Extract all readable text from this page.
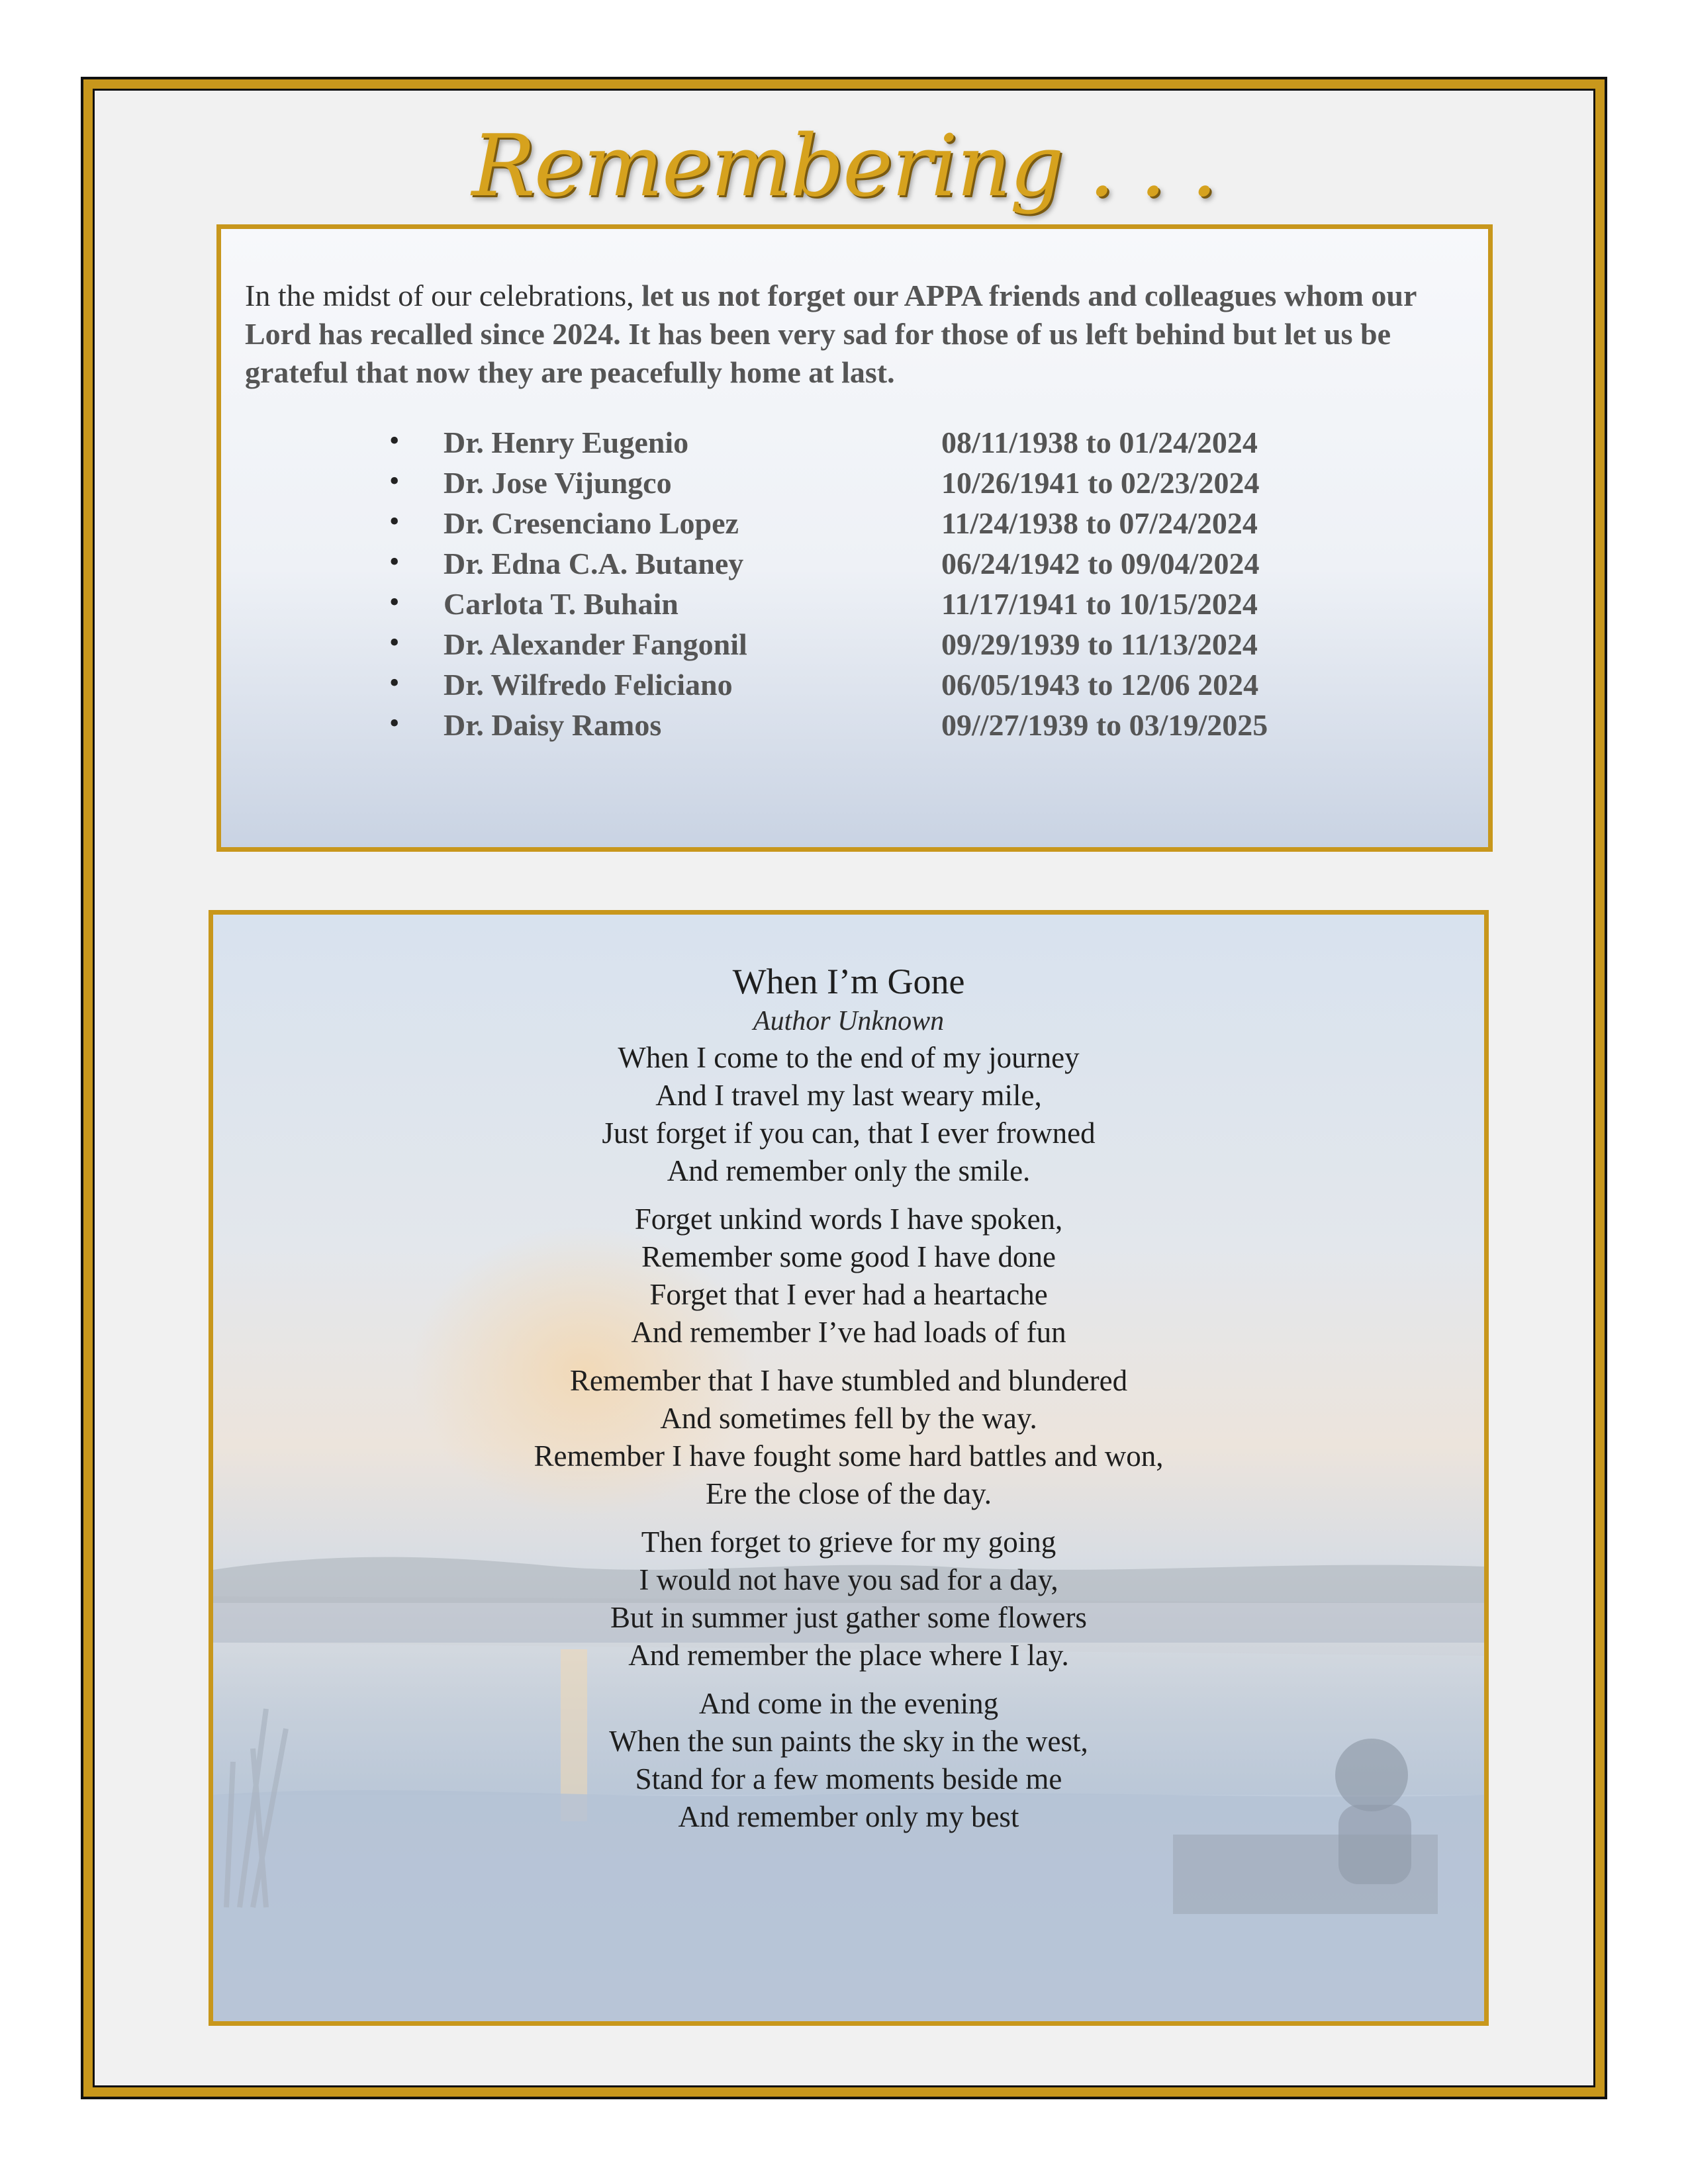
Remembering . . .

In the midst of our celebrations, let us not forget our APPA friends and colleagues whom our Lord has recalled since 2024. It has been very sad for those of us left behind but let us be grateful that now they are peacefully home at last.

• Dr. Henry Eugenio	08/11/1938 to 01/24/2024
• Dr. Jose Vijungco	10/26/1941 to 02/23/2024
• Dr. Cresenciano Lopez	11/24/1938 to 07/24/2024
• Dr. Edna C.A. Butaney	06/24/1942 to 09/04/2024
• Carlota T. Buhain	11/17/1941 to 10/15/2024
• Dr. Alexander Fangonil	09/29/1939 to 11/13/2024
• Dr. Wilfredo Feliciano	06/05/1943 to 12/06 2024
• Dr. Daisy Ramos	09//27/1939 to 03/19/2025
When I’m Gone
Author Unknown
When I come to the end of my journey
And I travel my last weary mile,
Just forget if you can, that I ever frowned
And remember only the smile.
Forget unkind words I have spoken,
Remember some good I have done
Forget that I ever had a heartache
And remember I’ve had loads of fun
Remember that I have stumbled and blundered
And sometimes fell by the way.
Remember I have fought some hard battles and won,
Ere the close of the day.
Then forget to grieve for my going
I would not have you sad for a day,
But in summer just gather some flowers
And remember the place where I lay.
And come in the evening
When the sun paints the sky in the west,
Stand for a few moments beside me
And remember only my best
